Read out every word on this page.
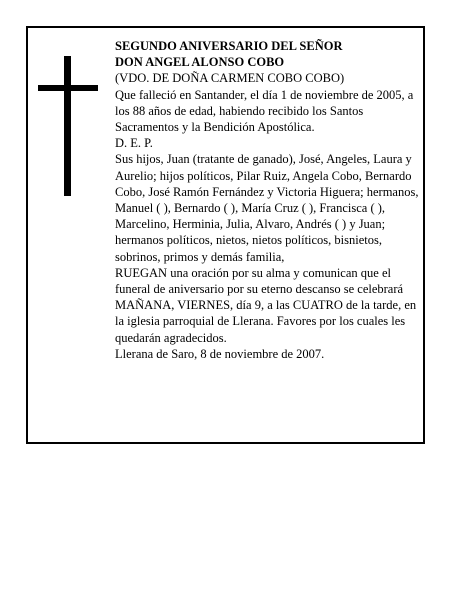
SEGUNDO ANIVERSARIO DEL SEÑOR

DON ANGEL ALONSO COBO

(VDO. DE DOÑA CARMEN COBO COBO)

Que falleció en Santander, el día 1 de noviembre de 2005, a los 88 años de edad, habiendo recibido los Santos Sacramentos y la Bendición Apostólica.

D. E. P.

Sus hijos, Juan (tratante de ganado), José, Angeles, Laura y Aurelio; hijos políticos, Pilar Ruiz, Angela Cobo, Bernardo Cobo, José Ramón Fernández y Victoria Higuera; hermanos, Manuel ( ), Bernardo ( ), María Cruz ( ), Francisca ( ), Marcelino, Herminia, Julia, Alvaro, Andrés ( ) y Juan; hermanos políticos, nietos, nietos políticos, bisnietos, sobrinos, primos y demás familia,

RUEGAN una oración por su alma y comunican que el funeral de aniversario por su eterno descanso se celebrará MAÑANA, VIERNES, día 9, a las CUATRO de la tarde, en la iglesia parroquial de Llerana. Favores por los cuales les quedarán agradecidos.

Llerana de Saro, 8 de noviembre de 2007.
